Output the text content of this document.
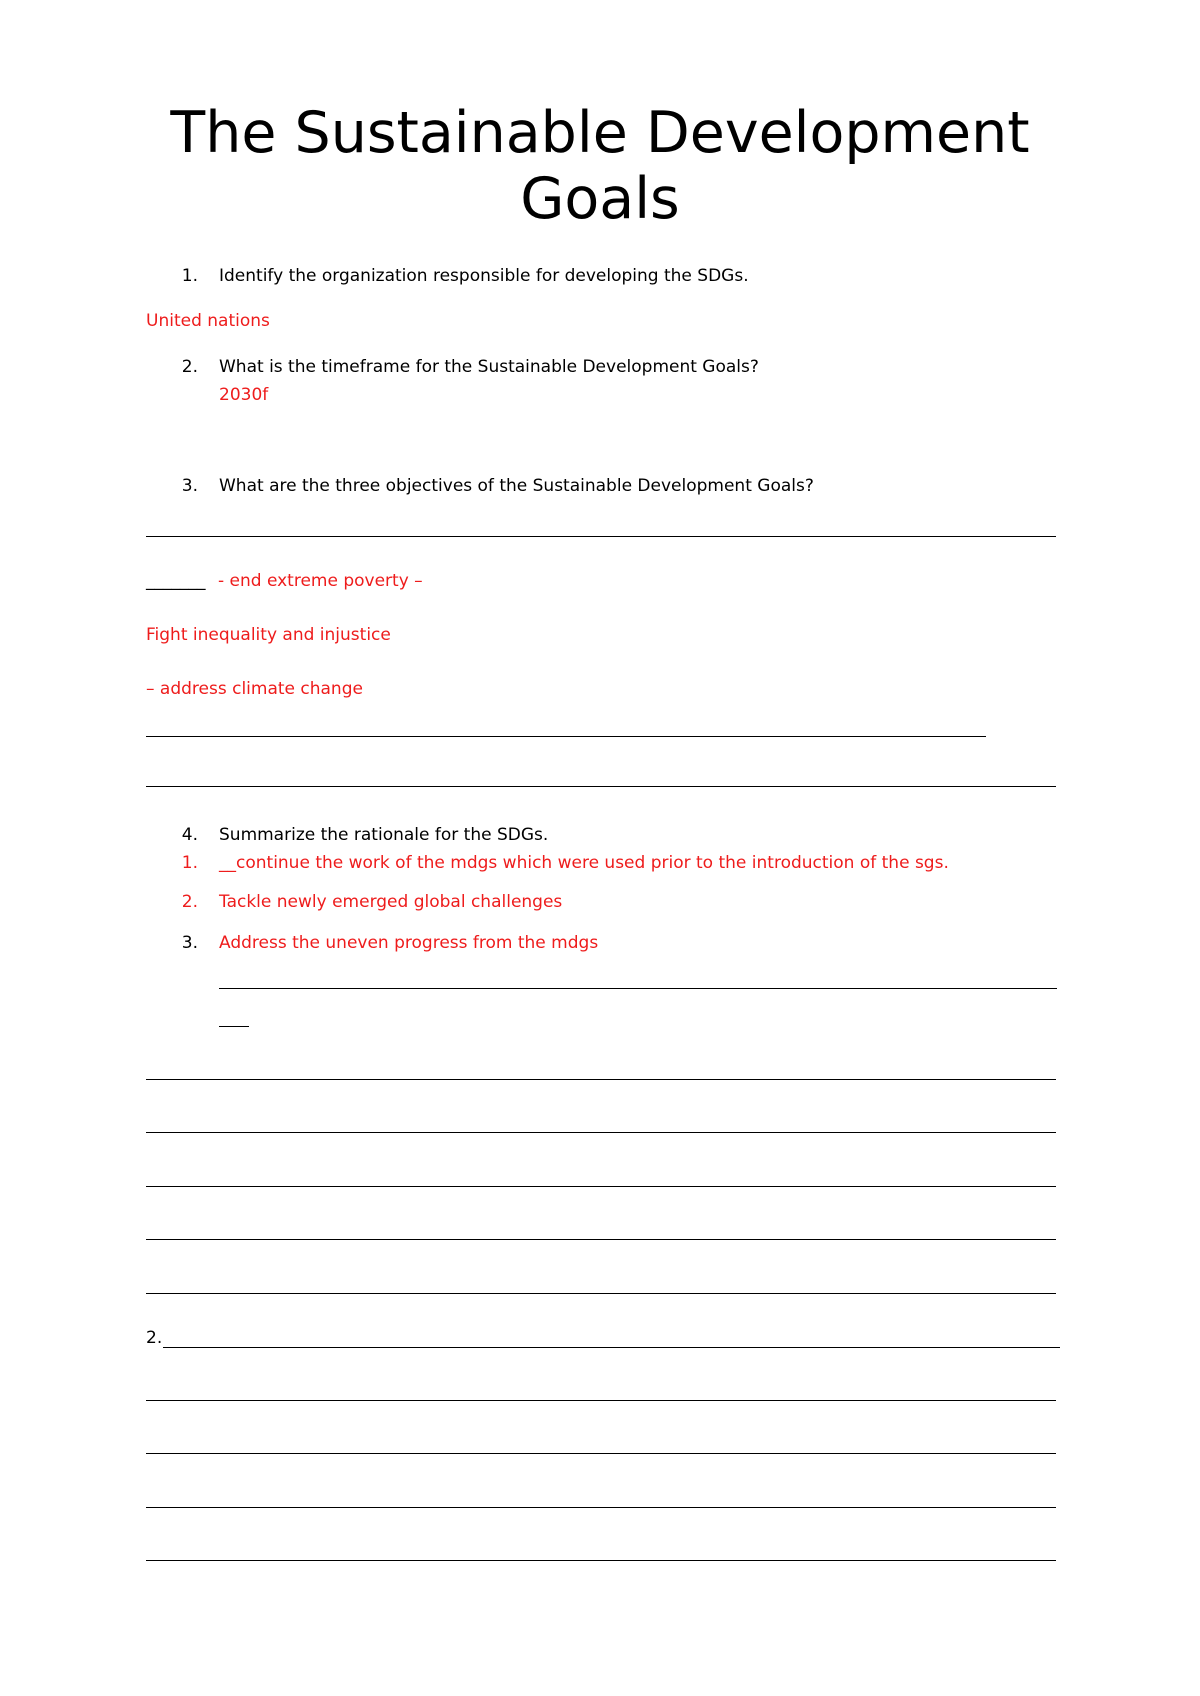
The Sustainable Development
Goals
1. Identify the organization responsible for developing the SDGs.
United nations
2. What is the timeframe for the Sustainable Development Goals?
2030f
3. What are the three objectives of the Sustainable Development Goals?
_______ - end extreme poverty –
Fight inequality and injustice
– address climate change
4. Summarize the rationale for the SDGs.
1. __continue the work of the mdgs which were used prior to the introduction of the sgs.
2. Tackle newly emerged global challenges
3. Address the uneven progress from the mdgs
2.
